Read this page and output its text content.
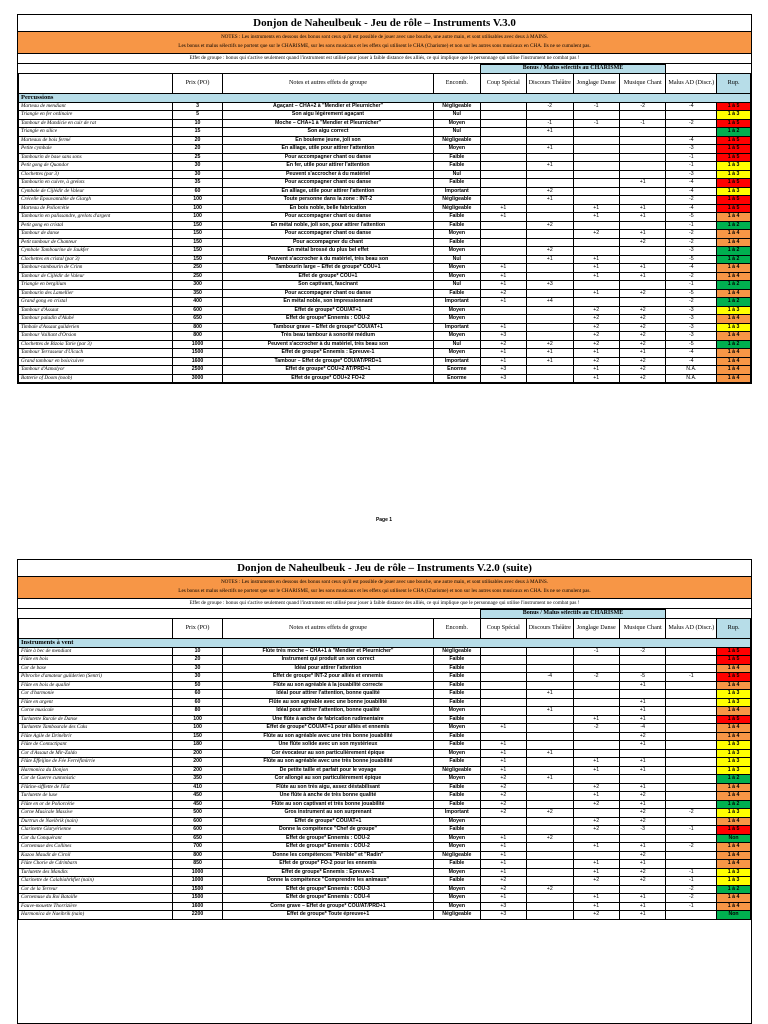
Donjon de Naheulbeuk - Jeu de rôle – Instruments V.3.0
NOTES : Les instruments en dessous des bonus sont ceux qu'il est possible de jouer avec une bouche, une autre main, et sont utilisables avec deux à MAINS.
Les bonus et malus sélectifs ne portent que sur le CHARISME, sur les sons musicaux et les effets qui utilisent le CHA (Charisme) et non sur les autres sons musicaux en CHA. Ils ne se cumulent pas.
Effet de groupe : bonus qui s'active seulement quand l'instrument est utilisé pour jouer à faible distance des alliés, ce qui implique que le personnage qui utilise l'instrument ne combat pas !
				Bonus / Malus sélectifs au CHARISME					
	Prix (PO)	Notes et autres effets de groupe	Encomb.	Coup Spécial	Discours Théâtre	Jonglage Danse	Musique Chant	Malus AD (Discr.)	Rup.
Percussions									
Marteau de mendiant	3	Agaçant – CHA+2 à "Mendier et Pleurnicher"	Négligeable		-2	-1	-2	-4	1 à 5
Triangle en fer ordinaire	5	Son aigu légèrement agaçant	Nul						1 à 3
Tambour de Mandicie en cuir de rat	10	Moche – CHA+1 à "Mendier et Pleurnicher"	Moyen		-1	-1	-1	-2	1 à 5
Triangle en silice	15	Son aigu correct	Nul		+1				1 à 2
Marteaux de bois fermé	20	En bouleme jeune, joli son	Négligeable					-4	1 à 5
Petite cymbale	20	En alliage, utile pour attirer l'attention	Moyen		+1			-3	1 à 5
Tambourin de base sans sons	25	Pour accompagner chant ou danse	Faible					-1	1 à 5
Petit gong de Quandor	30	En fer, utile pour attirer l'attention	Faible		+1			-1	1 à 3
Clochettes (par 3)	30	Peuvent s'accrocher à du matériel	Nul					-3	1 à 3
Tambourin en cuivre, à grelots	35	Pour accompagner chant ou danse	Faible				+1	-4	1 à 5
Cymbale de Cijlédir de Valeur	60	En alliage, utile pour attirer l'attention	Important		+2			-4	1 à 3
Crécelle Épouvantable de Glargh	100	Toute personne dans la zone : INT-2	Négligeable		+1			-2	1 à 5
Marteau de Poliorcétie	100	En bois noble, belle fabrication	Négligeable	+1		+1	+1	-4	1 à 5
Tambourin en palissandre, grelots d'argent	100	Pour accompagner chant ou danse	Faible	+1		+1	+1	-5	1 à 4
Petit gong en cristal	150	En métal noble, joli son, pour attirer l'attention	Faible		+2			-1	1 à 2
Tambour de danse	150	Pour accompagner chant ou danse	Moyen			+2	+1	-2	1 à 4
Petit tambour de Chanteur	150	Pour accompagner du chant	Faible				+2	-2	1 à 4
Cymbale Tambourine de Jaukfer	150	En métal brossé du plus bel effet	Moyen		+2			-3	1 à 2
Clochettes en cristal (par 3)	150	Peuvent s'accrocher à du matériel, très beau son	Nul		+1	+1		-5	1 à 2
Tambour-tambourin de Crinn	250	Tambourin large – Effet de groupe* COU+1	Moyen	+1		+1	+1	-4	1 à 4
Tambour de Cijlédir de Valeur	250	Effet de groupe* COU+1	Moyen	+1		+1	+1	-2	1 à 4
Triangle en bergilium	300	Son captivant, fascinant	Nul	+1	+3			-1	1 à 2
Tambourin des Lamellier	350	Pour accompagner chant ou danse	Faible	+2		+1	+2	-5	1 à 4
Grand gong en cristal	400	En métal noble, son impressionnant	Important	+1	+4			-2	1 à 2
Tambour d'Assaut	600	Effet de groupe* COU/AT+1	Moyen			+2	+2	-3	1 à 3
Tambour paladin d'Alubé	650	Effet de groupe* Ennemis : COU-2	Moyen			+2	+2	-3	1 à 4
Timbale d'Assaut guilderien	800	Tambour grave – Effet de groupe* COU/AT+1	Important	+1		+2	+2	-3	1 à 3
Tambour Vaillant d'Orsion	800	Très beau tambour à sonorité médium	Moyen	+3		+2	+2	-3	1 à 4
Clochettes de Bizoia Tarie (par 3)	1000	Peuvent s'accrocher à du matériel, très beau son	Nul	+2	+2	+2	+2	-5	1 à 2
Tambour Terrasseur d'Ulcach	1500	Effet de groupe* Ennemis : Épreuve-1	Moyen	+1	+1	+1	+1	-4	1 à 4
Grand tambour en bois/cuivre	1600	Tambour – Effet de groupe* COU/AT/PRD+1	Important	+1	+1	+2	+2	-4	1 à 4
Tambour d'Azmalyor	2500	Effet de groupe* COU+2 AT/PRD+1	Énorme	+3		+1	+2	N.A.	1 à 4
Batterie of Doom (noob)	3000	Effet de groupe* COU+2 FO+2	Énorme	+3		+1	+2	N.A.	1 à 4
Page 1
Donjon de Naheulbeuk - Jeu de rôle – Instruments V.2.0 (suite)
NOTES : Les instruments en dessous des bonus sont ceux qu'il est possible de jouer avec une bouche, une autre main, et sont utilisables avec deux à MAINS.
Les bonus et malus sélectifs ne portent que sur le CHARISME, sur les sons musicaux et les effets qui utilisent le CHA (Charisme) et non sur les autres sons musicaux en CHA. Ils ne se cumulent pas.
Effet de groupe : bonus qui s'active seulement quand l'instrument est utilisé pour jouer à faible distance des alliés, ce qui implique que le personnage qui utilise l'instrument ne combat pas !
				Bonus / Malus sélectifs au CHARISME					
	Prix (PO)	Notes et autres effets de groupe	Encomb.	Coup Spécial	Discours Théâtre	Jonglage Danse	Musique Chant	Malus AD (Discr.)	Rup.
Instruments à vent									
Flûte à bec de mendiant	10	Flûte très moche – CHA+1 à "Mendier et Pleurnicher"	Négligeable			-1	-2		1 à 5
Flûte en bois	20	Instrument qui produit un son correct	Faible						1 à 5
Cor de base	30	Idéal pour attirer l'attention	Faible						1 à 4
Pibroche d'amateur guilderien (Sentri)	30	Effet de groupe* INT-2 pour alliés et ennemis	Faible		-4	-2	-5	-1	1 à 5
Flûte en bois de qualité	50	Flûte au son agréable à la jouabilité correcte	Faible				+1		1 à 4
Cor d'harmonie	60	Idéal pour attirer l'attention, bonne qualité	Faible		+1				1 à 3
Flûte en argent	60	Flûte au son agréable avec une bonne jouabilité	Faible				+1		1 à 3
Corne musicale	80	Idéal pour attirer l'attention, bonne qualité	Moyen		+1		+1		1 à 4
Turlutette Rurale de Danse	100	Une flûte à anche de fabrication rudimentaire	Faible			+1	+1		1 à 5
Turlutette Tambourale des Caks	100	Effet de groupe* COU/AT+1 pour alliés et ennemis	Moyen	+1		-2	-4		1 à 4
Flûte Agile de Drinébrir	150	Flûte au son agréable avec une très bonne jouabilité	Faible				+2		1 à 4
Flûte de Contactipant	180	Une flûte solide avec un son mystérieux	Faible	+1			+1		1 à 3
Cor d'Assaut de Mir-Zaldo	200	Cor évocateur au son particulièrement épique	Moyen	+1	+1				1 à 3
Flûte Effeijine de Fée Ferréfimirrie	200	Flûte au son agréable avec une très bonne jouabilité	Faible	+1		+1	+1		1 à 3
Harmonica du Donjon	200	De petite taille et parfait pour le voyage	Négligeable	+1		+1	+1		1 à 3
Cor de Guerre cuntonistic	350	Cor allongé au son particulièrement épique	Moyen	+2	+1				1 à 2
Flûtine-sifflette de l'Est	410	Flûte au son très aigu, assez déstabilisant	Faible	+2		+2	+1		1 à 4
Turlutette de luxe	450	Une flûte à anche de très bonne qualité	Faible	+2		+1	+2		1 à 4
Flûte en or de Poliorcétie	450	Flûte au son captivant et très bonne jouabilité	Faible	+2		+2	+1		1 à 2
Corne Musicale Massive	500	Gros instrument au son surprenant	Important	+2	+2		+2	-2	1 à 3
Durtrun de Naeibrik (nain)	600	Effet de groupe* COU/AT+1	Moyen			+2	+2		1 à 4
Clarinette Glaryérienne	600	Donne la compétence "Chef de groupe"	Faible			+2	-3	-1	1 à 5
Cor du Conquérant	650	Effet de groupe* Ennemis : COU-2	Moyen	+1	+2				Non
Cornemuse des Collines	700	Effet de groupe* Ennemis : COU-2	Moyen	+1		+1	+1	-2	1 à 4
Kazoo Maudit de Cirnil	800	Donne les compétences "Pénible" et "Radin"	Négligeable	+1			+2		1 à 4
Flûte Chorie de Cdrinbarn	850	Effet de groupe* FO-2 pour les ennemis	Faible	+1		+1	+1		1 à 4
Turlutette des Mandits	1000	Effet de groupe* Ennemis : Épreuve-1	Moyen	+1		+1	+2	-1	1 à 3
Clarinette de Calabiahrkfiet (nain)	1000	Donne la compétence "Comprendre les animaux"	Faible	+2		+2	+2	-1	1 à 3
Cor de la Terreur	1500	Effet de groupe* Ennemis : COU-3	Moyen	+2	+2			-2	1 à 2
Cornemuse du Roi Bataille	1500	Effet de groupe* Ennemis : COU-4	Moyen	+1		+1	+1	-2	1 à 4
Fauve-mouette Thorrizière	1600	Corne grave – Effet de groupe* COU/AT/PRD+1	Moyen	+3		+1	+1	-1	1 à 4
Harmonica de Naeibrik (nain)	2200	Effet de groupe* Toute épreuve+1	Négligeable	+3		+2	+1		Non
